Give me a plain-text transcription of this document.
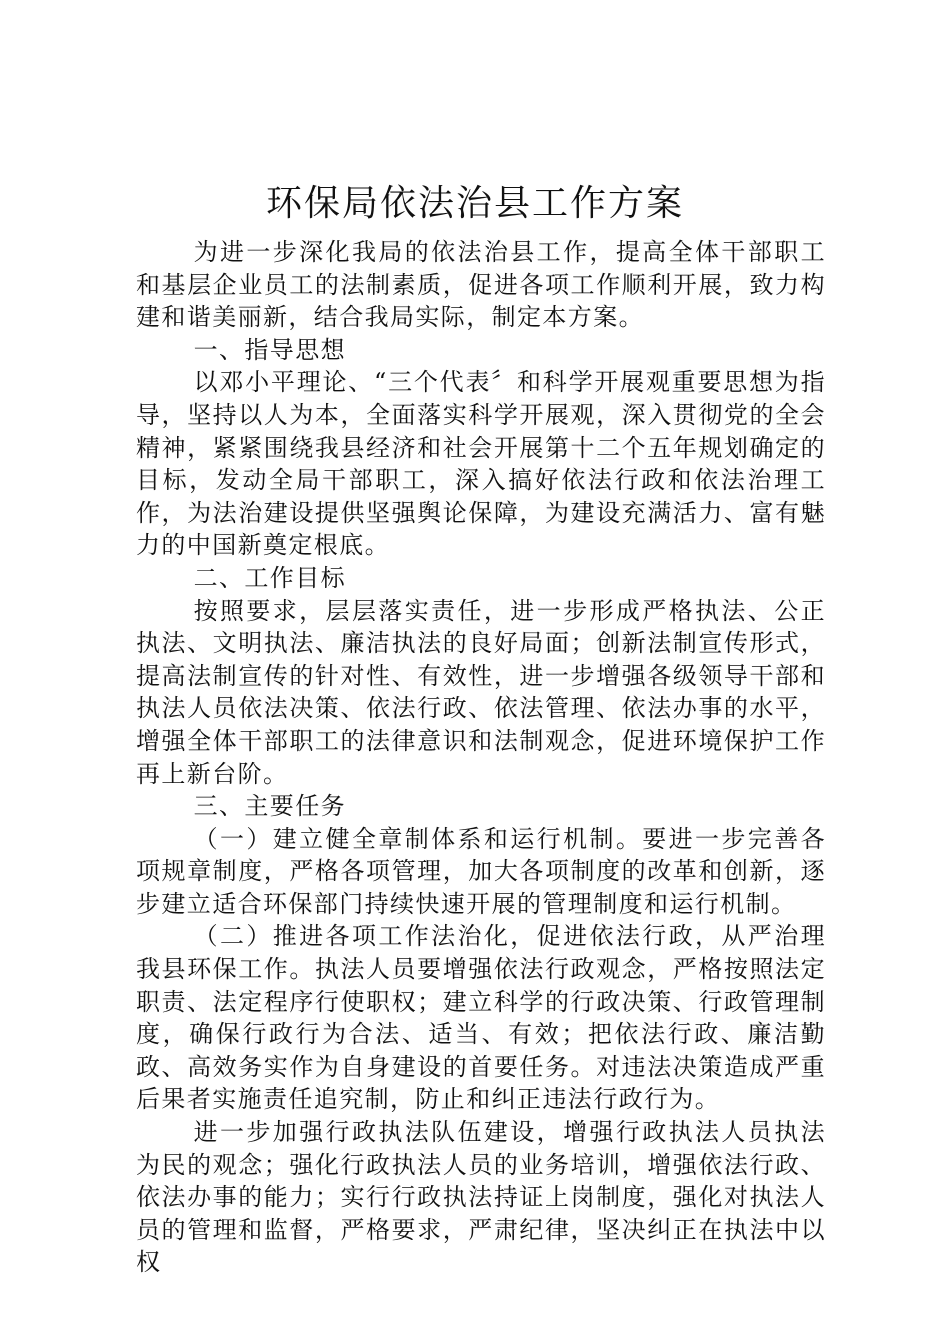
环保局依法治县工作方案

为进一步深化我局的依法治县工作，提高全体干部职工和基层企业员工的法制素质，促进各项工作顺利开展，致力构建和谐美丽新，结合我局实际，制定本方案。

一、指导思想

以邓小平理论、“三个代表〞和科学开展观重要思想为指导，坚持以人为本，全面落实科学开展观，深入贯彻党的全会精神，紧紧围绕我县经济和社会开展第十二个五年规划确定的目标，发动全局干部职工，深入搞好依法行政和依法治理工作，为法治建设提供坚强舆论保障，为建设充满活力、富有魅力的中国新奠定根底。

二、工作目标

按照要求，层层落实责任，进一步形成严格执法、公正执法、文明执法、廉洁执法的良好局面；创新法制宣传形式，提高法制宣传的针对性、有效性，进一步增强各级领导干部和执法人员依法决策、依法行政、依法管理、依法办事的水平，增强全体干部职工的法律意识和法制观念，促进环境保护工作再上新台阶。

三、主要任务

（一）建立健全章制体系和运行机制。要进一步完善各项规章制度，严格各项管理，加大各项制度的改革和创新，逐步建立适合环保部门持续快速开展的管理制度和运行机制。

（二）推进各项工作法治化，促进依法行政，从严治理我县环保工作。执法人员要增强依法行政观念，严格按照法定职责、法定程序行使职权；建立科学的行政决策、行政管理制度，确保行政行为合法、适当、有效；把依法行政、廉洁勤政、高效务实作为自身建设的首要任务。对违法决策造成严重后果者实施责任追究制，防止和纠正违法行政行为。

进一步加强行政执法队伍建设，增强行政执法人员执法为民的观念；强化行政执法人员的业务培训，增强依法行政、依法办事的能力；实行行政执法持证上岗制度，强化对执法人员的管理和监督，严格要求，严肃纪律，坚决纠正在执法中以权
